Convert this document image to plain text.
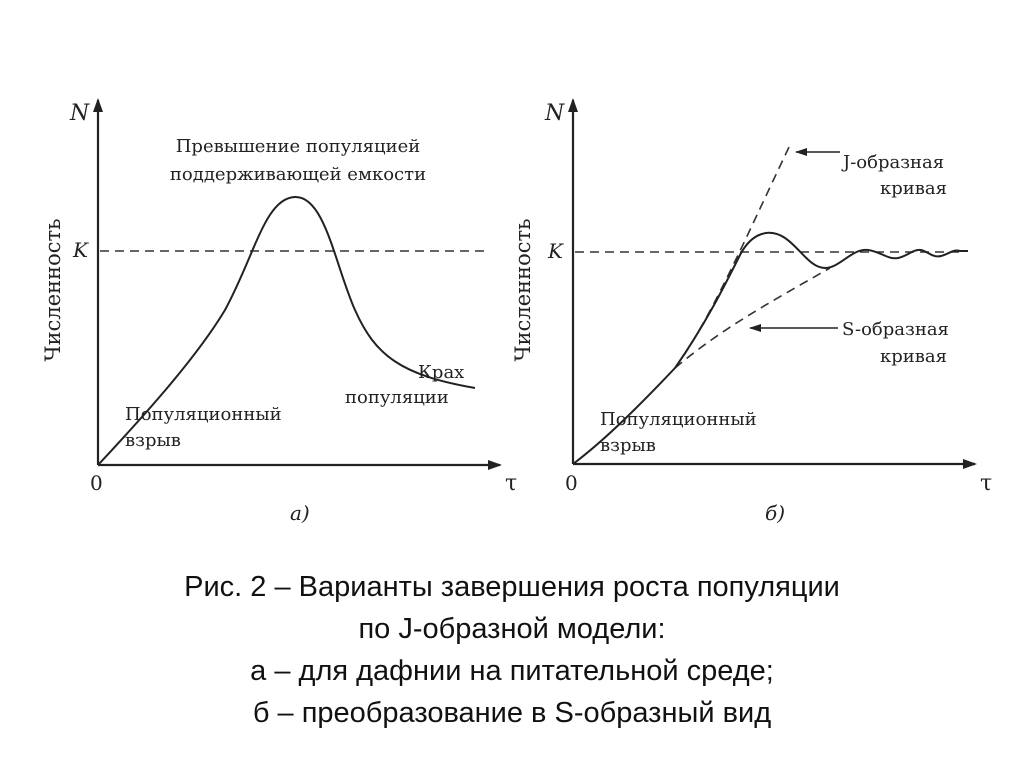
N
τ
0
K
Численность
Превышение популяцией
поддерживающей емкости
Крах
популяции
Популяционный
взрыв
а)
N
τ
0
K
Численность
J-образная
кривая
S-образная
кривая
Популяционный
взрыв
б)
Рис. 2 – Варианты завершения роста популяции
по J-образной модели:
а – для дафнии на питательной среде;
б – преобразование в S-образный вид
